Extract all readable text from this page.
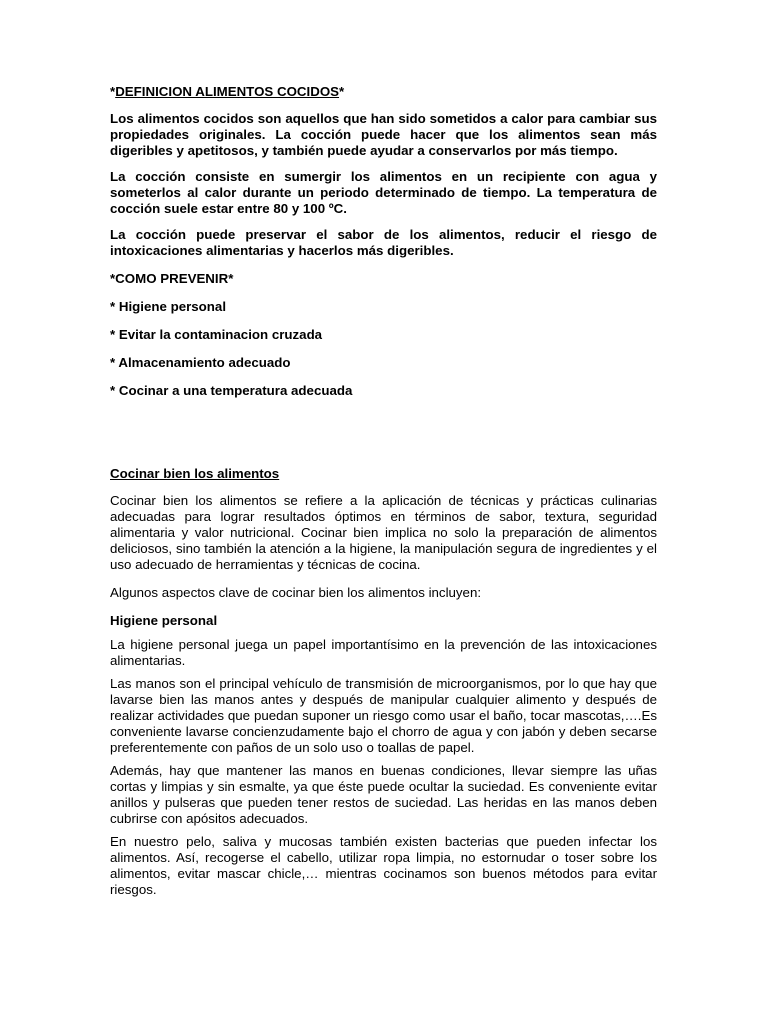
*DEFINICION ALIMENTOS COCIDOS*

Los alimentos cocidos son aquellos que han sido sometidos a calor para cambiar sus propiedades originales. La cocción puede hacer que los alimentos sean más digeribles y apetitosos, y también puede ayudar a conservarlos por más tiempo.

La cocción consiste en sumergir los alimentos en un recipiente con agua y someterlos al calor durante un periodo determinado de tiempo. La temperatura de cocción suele estar entre 80 y 100 ºC.

La cocción puede preservar el sabor de los alimentos, reducir el riesgo de intoxicaciones alimentarias y hacerlos más digeribles.

*COMO PREVENIR*

* Higiene personal

* Evitar la contaminacion cruzada

* Almacenamiento adecuado

* Cocinar a una temperatura adecuada

Cocinar bien los alimentos

Cocinar bien los alimentos se refiere a la aplicación de técnicas y prácticas culinarias adecuadas para lograr resultados óptimos en términos de sabor, textura, seguridad alimentaria y valor nutricional. Cocinar bien implica no solo la preparación de alimentos deliciosos, sino también la atención a la higiene, la manipulación segura de ingredientes y el uso adecuado de herramientas y técnicas de cocina.

Algunos aspectos clave de cocinar bien los alimentos incluyen:

Higiene personal

La higiene personal juega un papel importantísimo en la prevención de las intoxicaciones alimentarias.

Las manos son el principal vehículo de transmisión de microorganismos, por lo que hay que lavarse bien las manos antes y después de manipular cualquier alimento y después de realizar actividades que puedan suponer un riesgo como usar el baño, tocar mascotas,….Es conveniente lavarse concienzudamente bajo el chorro de agua y con jabón y deben secarse preferentemente con paños de un solo uso o toallas de papel.

Además, hay que mantener las manos en buenas condiciones, llevar siempre las uñas cortas y limpias y sin esmalte, ya que éste puede ocultar la suciedad. Es conveniente evitar anillos y pulseras que pueden tener restos de suciedad. Las heridas en las manos deben cubrirse con apósitos adecuados.

En nuestro pelo, saliva y mucosas también existen bacterias que pueden infectar los alimentos. Así, recogerse el cabello, utilizar ropa limpia, no estornudar o toser sobre los alimentos, evitar mascar chicle,… mientras cocinamos son buenos métodos para evitar riesgos.
